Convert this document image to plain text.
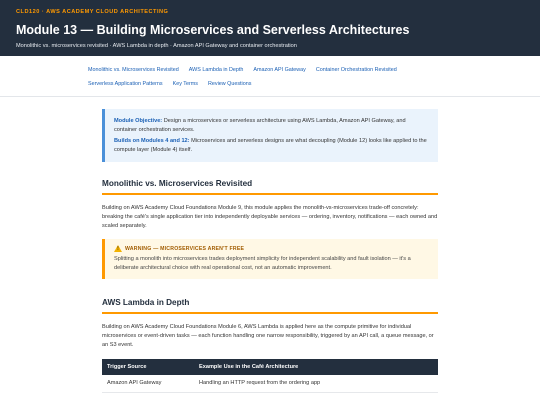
CLD120 · AWS ACADEMY CLOUD ARCHITECTING
Module 13 — Building Microservices and Serverless Architectures
Monolithic vs. microservices revisited · AWS Lambda in depth · Amazon API Gateway and container orchestration
Monolithic vs. Microservices Revisited AWS Lambda in Depth Amazon API Gateway Container Orchestration Revisited
Serverless Application Patterns Key Terms Review Questions

Module Objective: Design a microservices or serverless architecture using AWS Lambda, Amazon API Gateway, and container orchestration services.

Builds on Modules 4 and 12: Microservices and serverless designs are what decoupling (Module 12) looks like applied to the compute layer (Module 4) itself.

Monolithic vs. Microservices Revisited

Building on AWS Academy Cloud Foundations Module 9, this module applies the monolith-vs-microservices trade-off concretely: breaking the café's single application tier into independently deployable services — ordering, inventory, notifications — each owned and scaled separately.

!
WARNING — MICROSERVICES AREN'T FREE

Splitting a monolith into microservices trades deployment simplicity for independent scalability and fault isolation — it's a deliberate architectural choice with real operational cost, not an automatic improvement.

AWS Lambda in Depth

Building on AWS Academy Cloud Foundations Module 6, AWS Lambda is applied here as the compute primitive for individual microservices or event-driven tasks — each function handling one narrow responsibility, triggered by an API call, a queue message, or an S3 event.

Trigger Source	Example Use in the Café Architecture
Amazon API Gateway	Handling an HTTP request from the ordering app
